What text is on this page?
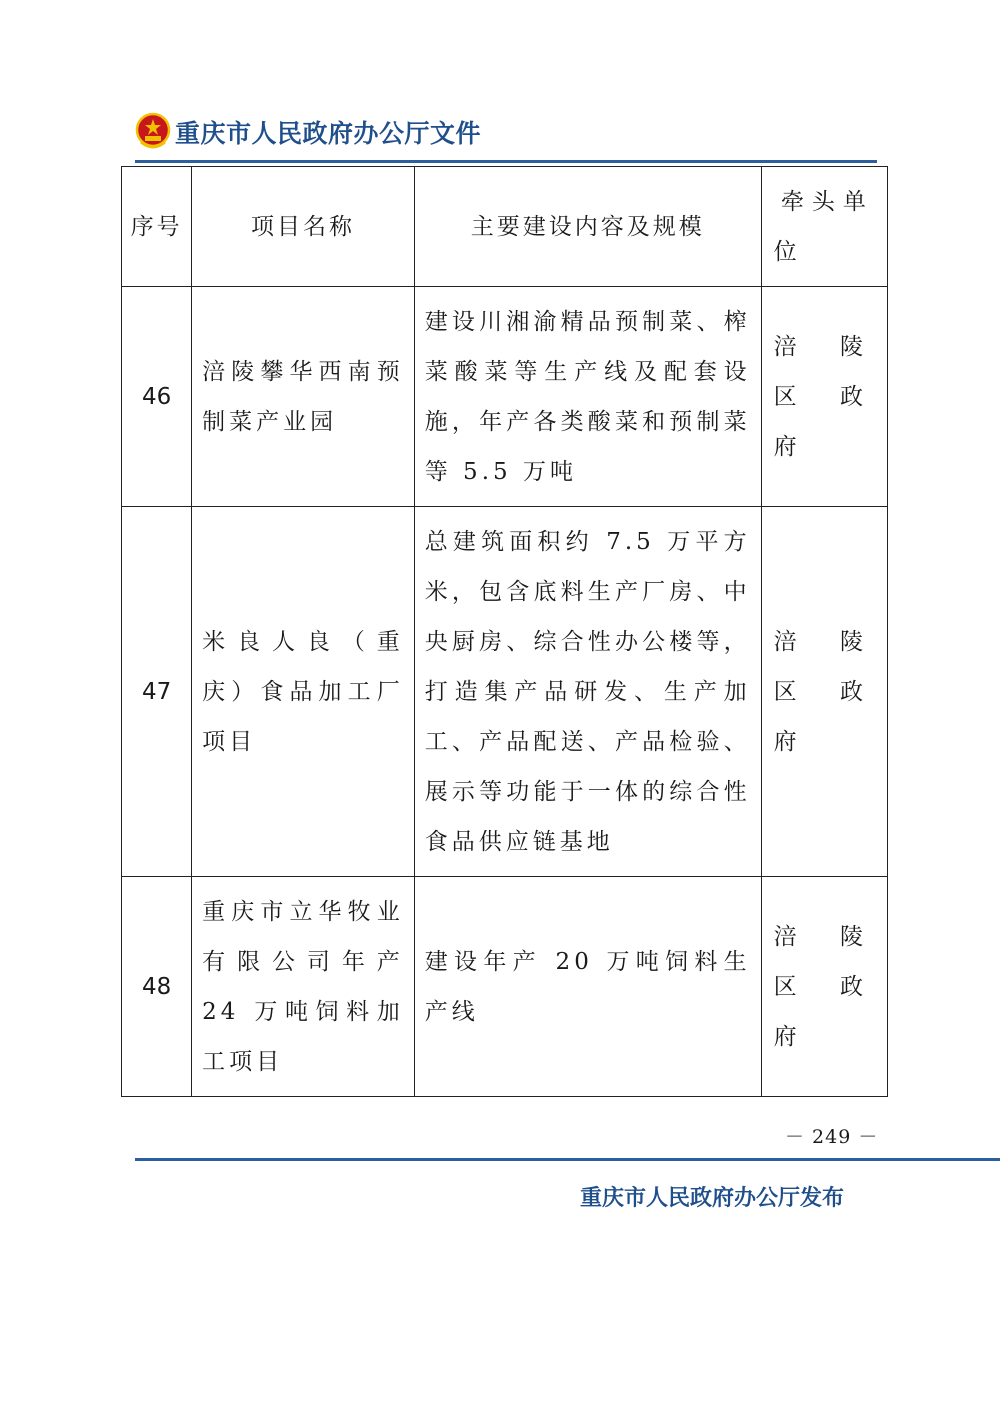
重庆市人民政府办公厅文件
序号	项目名称	主要建设内容及规模	牵头单位
46	涪陵攀华西南预制菜产业园	建设川湘渝精品预制菜、榨菜酸菜等生产线及配套设施，年产各类酸菜和预制菜等 5.5 万吨	涪陵区政府
47	米良人良（重庆）食品加工厂项目	总建筑面积约 7.5 万平方米，包含底料生产厂房、中央厨房、综合性办公楼等，打造集产品研发、生产加工、产品配送、产品检验、展示等功能于一体的综合性食品供应链基地	涪陵区政府
48	重庆市立华牧业有限公司年产 24 万吨饲料加工项目	建设年产 20 万吨饲料生产线	涪陵区政府
－ 249 －
重庆市人民政府办公厅发布
